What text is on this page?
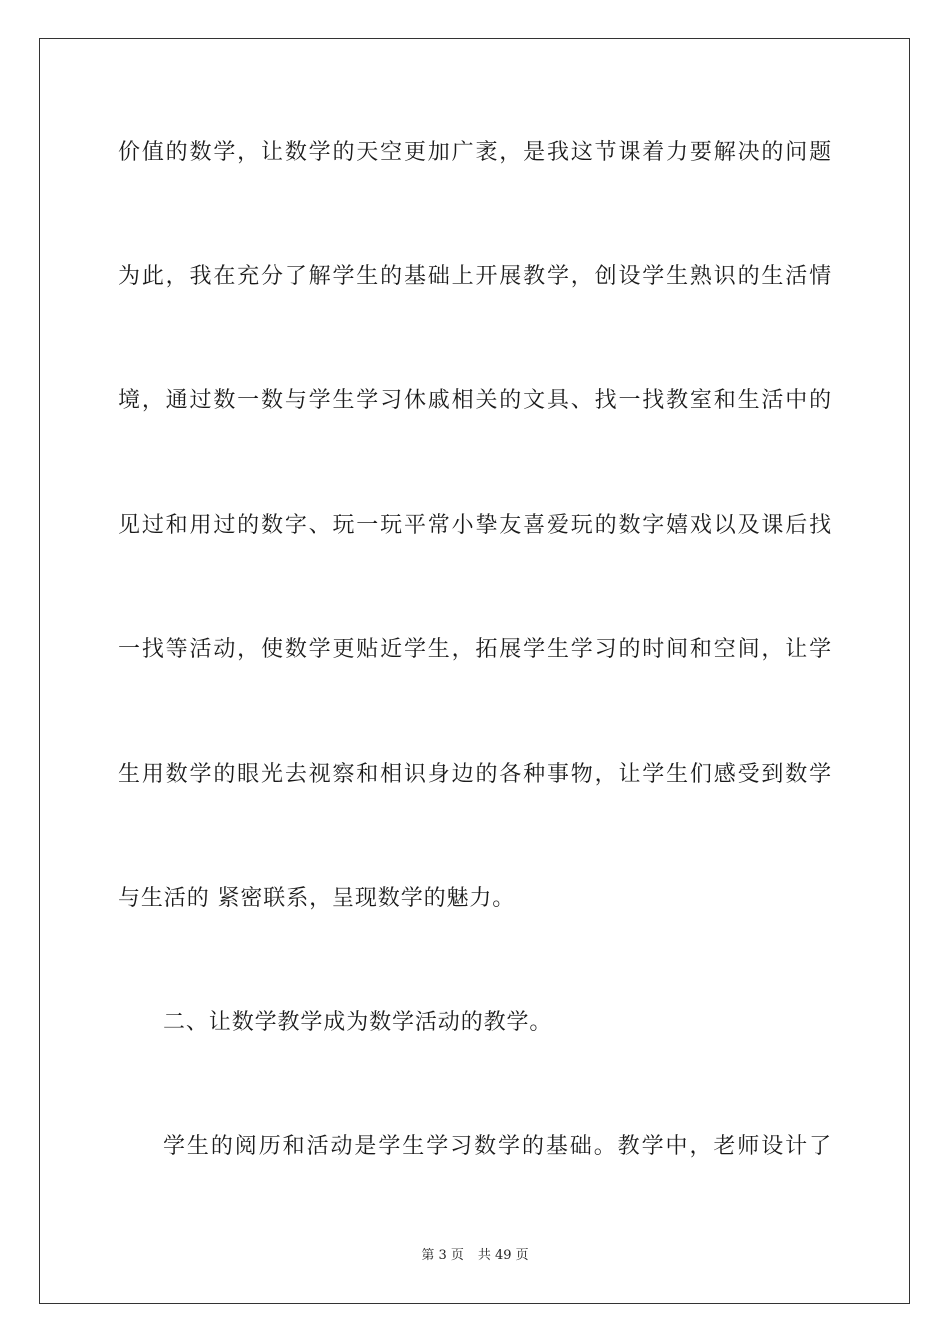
价值的数学，让数学的天空更加广袤，是我这节课着力要解决的问题
为此，我在充分了解学生的基础上开展教学，创设学生熟识的生活情
境，通过数一数与学生学习休戚相关的文具、找一找教室和生活中的
见过和用过的数字、玩一玩平常小挚友喜爱玩的数字嬉戏以及课后找
一找等活动，使数学更贴近学生，拓展学生学习的时间和空间，让学
生用数学的眼光去视察和相识身边的各种事物，让学生们感受到数学
与生活的 紧密联系，呈现数学的魅力。
二、让数学教学成为数学活动的教学。
学生的阅历和活动是学生学习数学的基础。教学中，老师设计了
第 3 页 共 49 页
